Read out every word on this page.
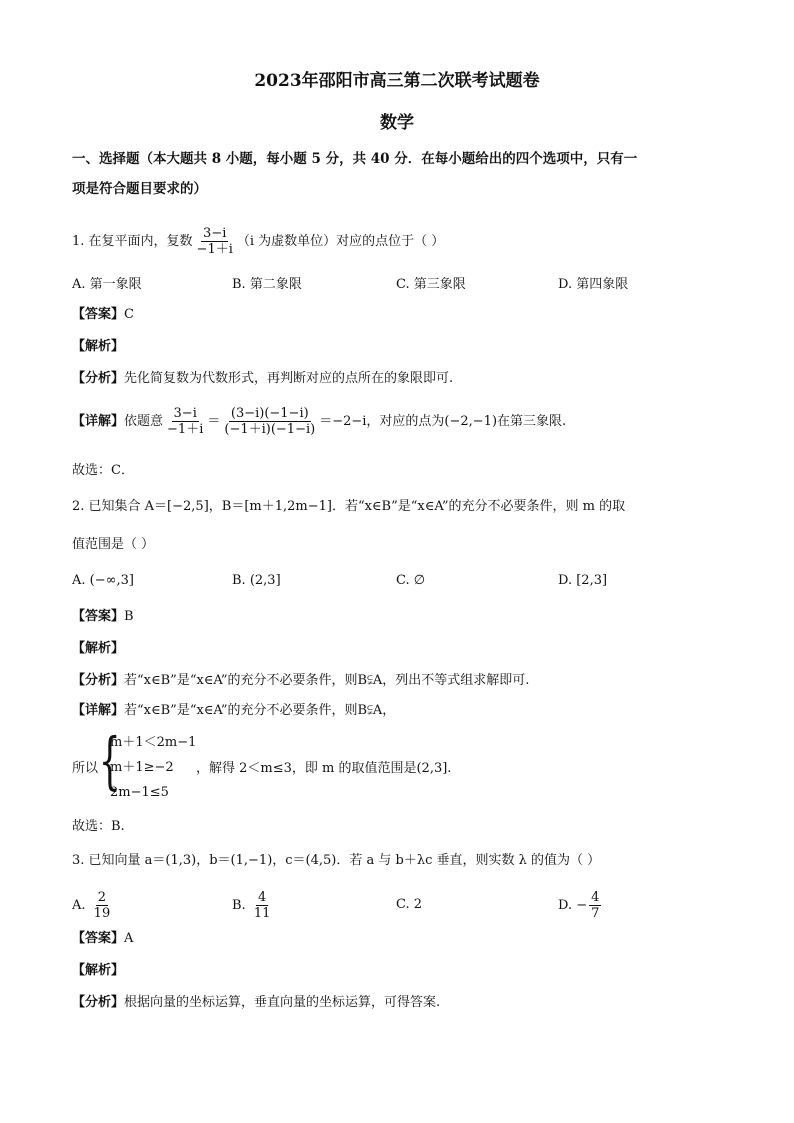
2023年邵阳市高三第二次联考试题卷
数学
一、选择题（本大题共 8 小题，每小题 5 分，共 40 分．在每小题给出的四个选项中，只有一
项是符合题目要求的）
1. 在复平面内，复数 $\frac{3-i}{-1+i} (i$ 为虚数单位）对应的点位于（ ）
A. 第一象限	B. 第二象限	C. 第三象限	D. 第四象限
【答案】C
【解析】
【分析】先化简复数为代数形式，再判断对应的点所在的象限即可.
【详解】依题意 $\frac{3-i}{-1+i} = \frac{(3-i)(-1-i)}{(-1+i)(-1-i)} =-2-i$，对应的点为(−2,−1)在第三象限.
故选：C．
2. 已知集合 A＝[−2,5]，B＝[m＋1,2m−1]．若“x∈B”是“x∈A”的充分不必要条件，则 m 的取
值范围是（ ）
A. (−∞,3]	B. (2,3]	C. ∅	D. [2,3]
【答案】B
【解析】
【分析】若“x∈B”是“x∈A”的充分不必要条件，则B⫋A，列出不等式组求解即可.
【详解】若“x∈B”是“x∈A”的充分不必要条件，则B⫋A，
所以 {
m＋1＜2m−1
m＋1≥−2
2m−1≤5
，解得 2＜m≤3，即 m 的取值范围是(2,3].
故选：B.
3. 已知向量 a＝(1,3)，b＝(1,−1)，c＝(4,5)．若 a 与 b＋λc 垂直，则实数 λ 的值为（ ）
A. $\frac{2}{19}$	B. $\frac{4}{11}$	C. 2	D. − $\frac{4}{7}$
【答案】A
【解析】
【分析】根据向量的坐标运算，垂直向量的坐标运算，可得答案.
